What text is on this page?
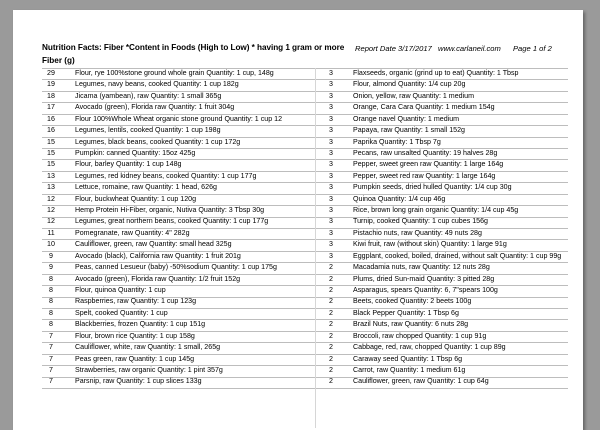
Nutrition Facts: Fiber *Content in Foods (High to Low) * having 1 gram or more Report Date 3/17/2017 www.carlaneil.com Page 1 of 2
Fiber (g)
29	Flour, rye 100%stone ground whole grain Quantity: 1 cup, 148g
19	Legumes, navy beans, cooked Quantity: 1 cup 182g
18	Jicama (yambean), raw Quantity: 1 small 365g
17	Avocado (green), Florida raw Quantity: 1 fruit 304g
16	Flour 100%Whole Wheat organic stone ground Quantity: 1 cup 12
16	Legumes, lentils, cooked Quantity: 1 cup 198g
15	Legumes, black beans, cooked Quantity: 1 cup 172g
15	Pumpkin: canned Quantity: 15oz 425g
15	Flour, barley Quantity: 1 cup 148g
13	Legumes, red kidney beans, cooked Quantity: 1 cup 177g
13	Lettuce, romaine, raw Quantity: 1 head, 626g
12	Flour, buckwheat Quantity: 1 cup 120g
12	Hemp Protein Hi-Fiber, organic, Nutiva Quantity: 3 Tbsp 30g
12	Legumes, great northern beans, cooked Quantity: 1 cup 177g
11	Pomegranate, raw Quantity: 4" 282g
10	Cauliflower, green, raw Quantity: small head 325g
9	Avocado (black), California raw Quantity: 1 fruit 201g
9	Peas, canned Lesueur (baby) -50%sodium Quantity: 1 cup 175g
8	Avocado (green), Florida raw Quantity: 1/2 fruit 152g
8	Flour, quinoa Quantity: 1 cup
8	Raspberries, raw Quantity: 1 cup 123g
8	Spelt, cooked Quantity: 1 cup
8	Blackberries, frozen Quantity: 1 cup 151g
7	Flour, brown rice Quantity: 1 cup 158g
7	Cauliflower, white, raw Quantity: 1 small, 265g
7	Peas green, raw Quantity: 1 cup 145g
7	Strawberries, raw organic Quantity: 1 pint 357g
7	Parsnip, raw Quantity: 1 cup slices 133g
3	Flaxseeds, organic (grind up to eat) Quantity: 1 Tbsp
3	Flour, almond Quantity: 1/4 cup 20g
3	Onion, yellow, raw Quantity: 1 medium
3	Orange, Cara Cara Quantity: 1 medium 154g
3	Orange navel Quantity: 1 medium
3	Papaya, raw Quantity: 1 small 152g
3	Paprika Quantity: 1 Tbsp 7g
3	Pecans, raw unsalted Quantity: 19 halves 28g
3	Pepper, sweet green raw Quantity: 1 large 164g
3	Pepper, sweet red raw Quantity: 1 large 164g
3	Pumpkin seeds, dried hulled Quantity: 1/4 cup 30g
3	Quinoa Quantity: 1/4 cup 46g
3	Rice, brown long grain organic Quantity: 1/4 cup 45g
3	Turnip, cooked Quantity: 1 cup cubes 156g
3	Pistachio nuts, raw Quantity: 49 nuts 28g
3	Kiwi fruit, raw (without skin) Quantity: 1 large 91g
3	Eggplant, cooked, boiled, drained, without salt Quantity: 1 cup 99g
2	Macadamia nuts, raw Quantity: 12 nuts 28g
2	Plums, dried Sun-maid Quantity: 3 pitted 28g
2	Asparagus, spears Quantity: 6, 7"spears 100g
2	Beets, cooked Quantity: 2 beets 100g
2	Black Pepper Quantity: 1 Tbsp 6g
2	Brazil Nuts, raw Quantity: 6 nuts 28g
2	Broccoli, raw chopped Quantity: 1 cup 91g
2	Cabbage, red, raw, chopped Quantity: 1 cup 89g
2	Caraway seed Quantity: 1 Tbsp 6g
2	Carrot, raw Quantity: 1 medium 61g
2	Cauliflower, green, raw Quantity: 1 cup 64g
